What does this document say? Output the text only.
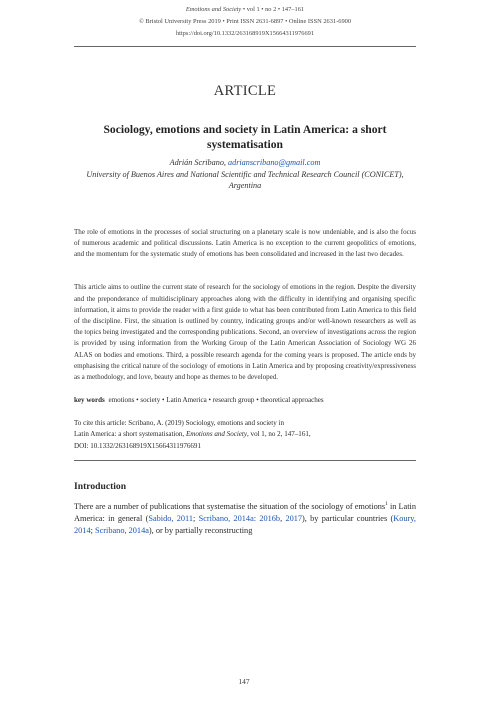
Emotions and Society • vol 1 • no 2 • 147–161
© Bristol University Press 2019 • Print ISSN 2631-6897 • Online ISSN 2631-6900
https://doi.org/10.1332/263168919X15664311976691
ARTICLE
Sociology, emotions and society in Latin America: a short systematisation
Adrián Scribano, adrianscribano@gmail.com
University of Buenos Aires and National Scientific and Technical Research Council (CONICET), Argentina
The role of emotions in the processes of social structuring on a planetary scale is now undeniable, and is also the focus of numerous academic and political discussions. Latin America is no exception to the current geopolitics of emotions, and the momentum for the systematic study of emotions has been consolidated and increased in the last two decades.
This article aims to outline the current state of research for the sociology of emotions in the region. Despite the diversity and the preponderance of multidisciplinary approaches along with the difficulty in identifying and organising specific information, it aims to provide the reader with a first guide to what has been contributed from Latin America to this field of the discipline. First, the situation is outlined by country, indicating groups and/or well-known researchers as well as the topics being investigated and the corresponding publications. Second, an overview of investigations across the region is provided by using information from the Working Group of the Latin American Association of Sociology WG 26 ALAS on bodies and emotions. Third, a possible research agenda for the coming years is proposed. The article ends by emphasising the critical nature of the sociology of emotions in Latin America and by proposing creativity/expressiveness as a methodology, and love, beauty and hope as themes to be developed.
key words emotions • society • Latin America • research group • theoretical approaches
To cite this article: Scribano, A. (2019) Sociology, emotions and society in
Latin America: a short systematisation, Emotions and Society, vol 1, no 2, 147–161,
DOI: 10.1332/263168919X15664311976691
Introduction
There are a number of publications that systematise the situation of the sociology of emotions$^1$ in Latin America: in general (Sabido, 2011; Scribano, 2014a: 2016b, 2017), by particular countries (Koury, 2014; Scribano, 2014a), or by partially reconstructing
147
